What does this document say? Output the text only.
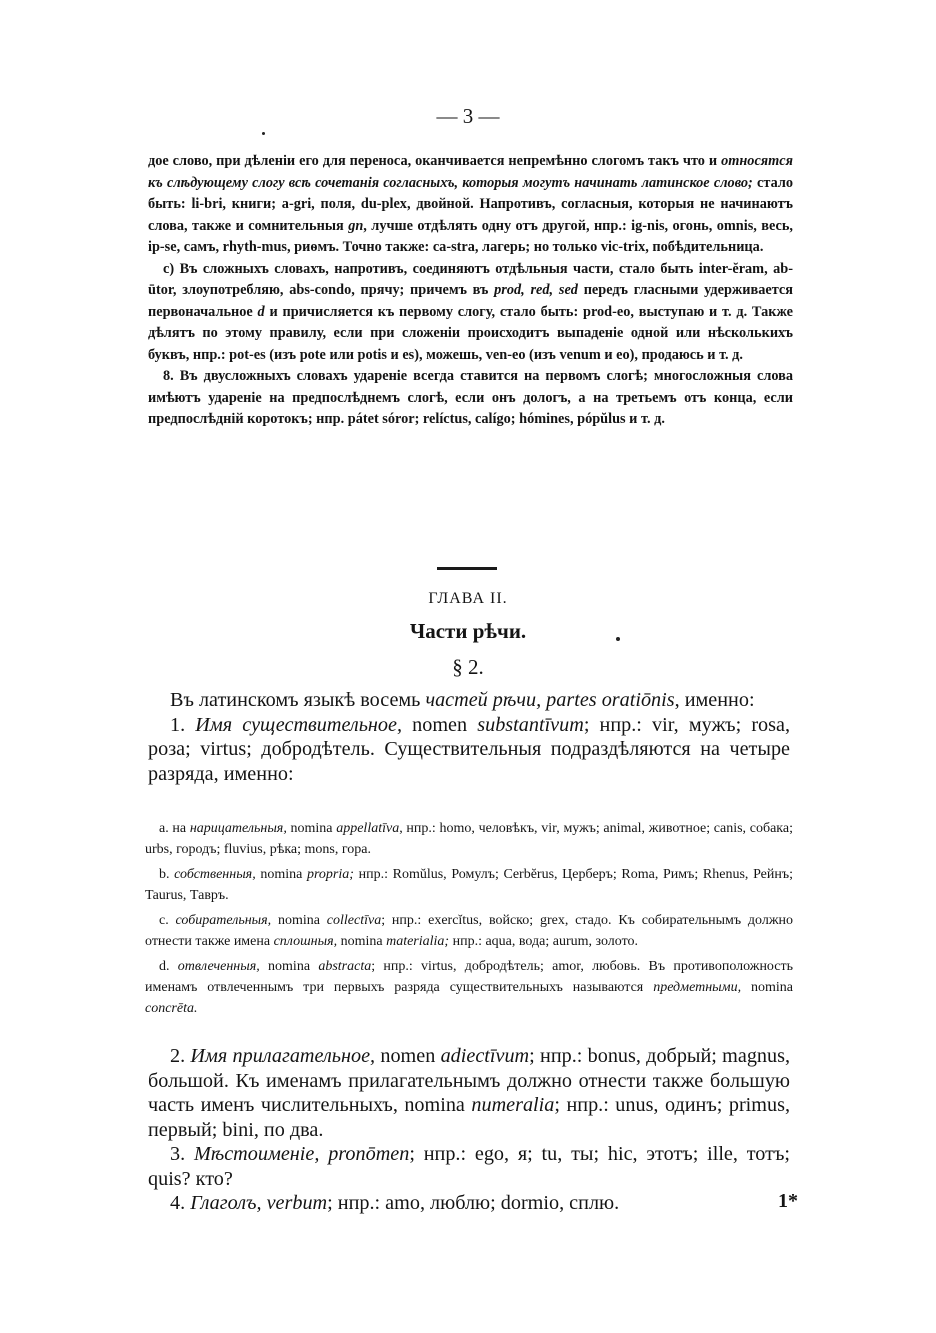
— 3 —

дое слово, при дѣленіи его для переноса, оканчивается непремѣнно слогомъ такъ что и относятся къ слѣдующему слогу всѣ сочетанія согласныхъ, которыя могутъ начинать латинское слово; стало быть: li-bri, книги; a-gri, поля, du-plex, двойной. Напротивъ, согласныя, которыя не начинаютъ слова, также и сомнительныя gn, лучше отдѣлять одну отъ другой, нпр.: ig-nis, огонь, omnis, весь, ip-se, самъ, rhyth-mus, риѳмъ. Точно также: ca-stra, лагерь; но только vic-trix, побѣдительница.

c) Въ сложныхъ словахъ, напротивъ, соединяютъ отдѣльныя части, стало быть inter-ĕram, ab-ūtor, злоупотребляю, abs-condo, прячу; причемъ въ prod, red, sed передъ гласными удерживается первоначальное d и причисляется къ первому слогу, стало быть: prod-eo, выступаю и т. д. Также дѣлятъ по этому правилу, если при сложеніи происходитъ выпаденіе одной или нѣсколькихъ буквъ, нпр.: pot-es (изъ pote или potis и es), можешь, ven-eo (изъ venum и eo), продаюсь и т. д.

8. Въ двусложныхъ словахъ удареніе всегда ставится на первомъ слогѣ; многосложныя слова имѣютъ удареніе на предпослѣднемъ слогѣ, если онъ дологъ, а на третьемъ отъ конца, если предпослѣдній коротокъ; нпр. pátet sóror; relíctus, calígo; hómines, pópŭlus и т. д.

ГЛАВА II.
Части рѣчи.
§ 2.

Въ латинскомъ языкѣ восемь частей рѣчи, partes oratiōnis, именно:

1. Имя существительное, nomen substantīvum; нпр.: vir, мужъ; rosa, роза; virtus; добродѣтель. Существительныя подраздѣляются на четыре разряда, именно:

a. на нарицательныя, nomina appellatīva, нпр.: homo, человѣкъ, vir, мужъ; animal, животное; canis, собака; urbs, городъ; fluvius, рѣка; mons, гора.

b. собственныя, nomina propria; нпр.: Romŭlus, Ромулъ; Cerbĕrus, Церберъ; Roma, Римъ; Rhenus, Рейнъ; Taurus, Тавръ.

c. собирательныя, nomina collectīva; нпр.: exercĭtus, войско; grex, стадо. Къ собирательнымъ должно отнести также имена сплошныя, nomina materialia; нпр.: aqua, вода; aurum, золото.

d. отвлеченныя, nomina abstracta; нпр.: virtus, добродѣтель; amor, любовь. Въ противоположность именамъ отвлеченнымъ три первыхъ разряда существительныхъ называются предметными, nomina concrēta.

2. Имя прилагательное, nomen adiectīvum; нпр.: bonus, добрый; magnus, большой. Къ именамъ прилагательнымъ должно отнести также большую часть именъ числительныхъ, nomina numeralia; нпр.: unus, одинъ; primus, первый; bini, по два.

3. Мѣстоименіе, pronōmen; нпр.: ego, я; tu, ты; hic, этотъ; ille, тотъ; quis? кто?

4. Глаголъ, verbum; нпр.: amo, люблю; dormio, сплю.	1*
